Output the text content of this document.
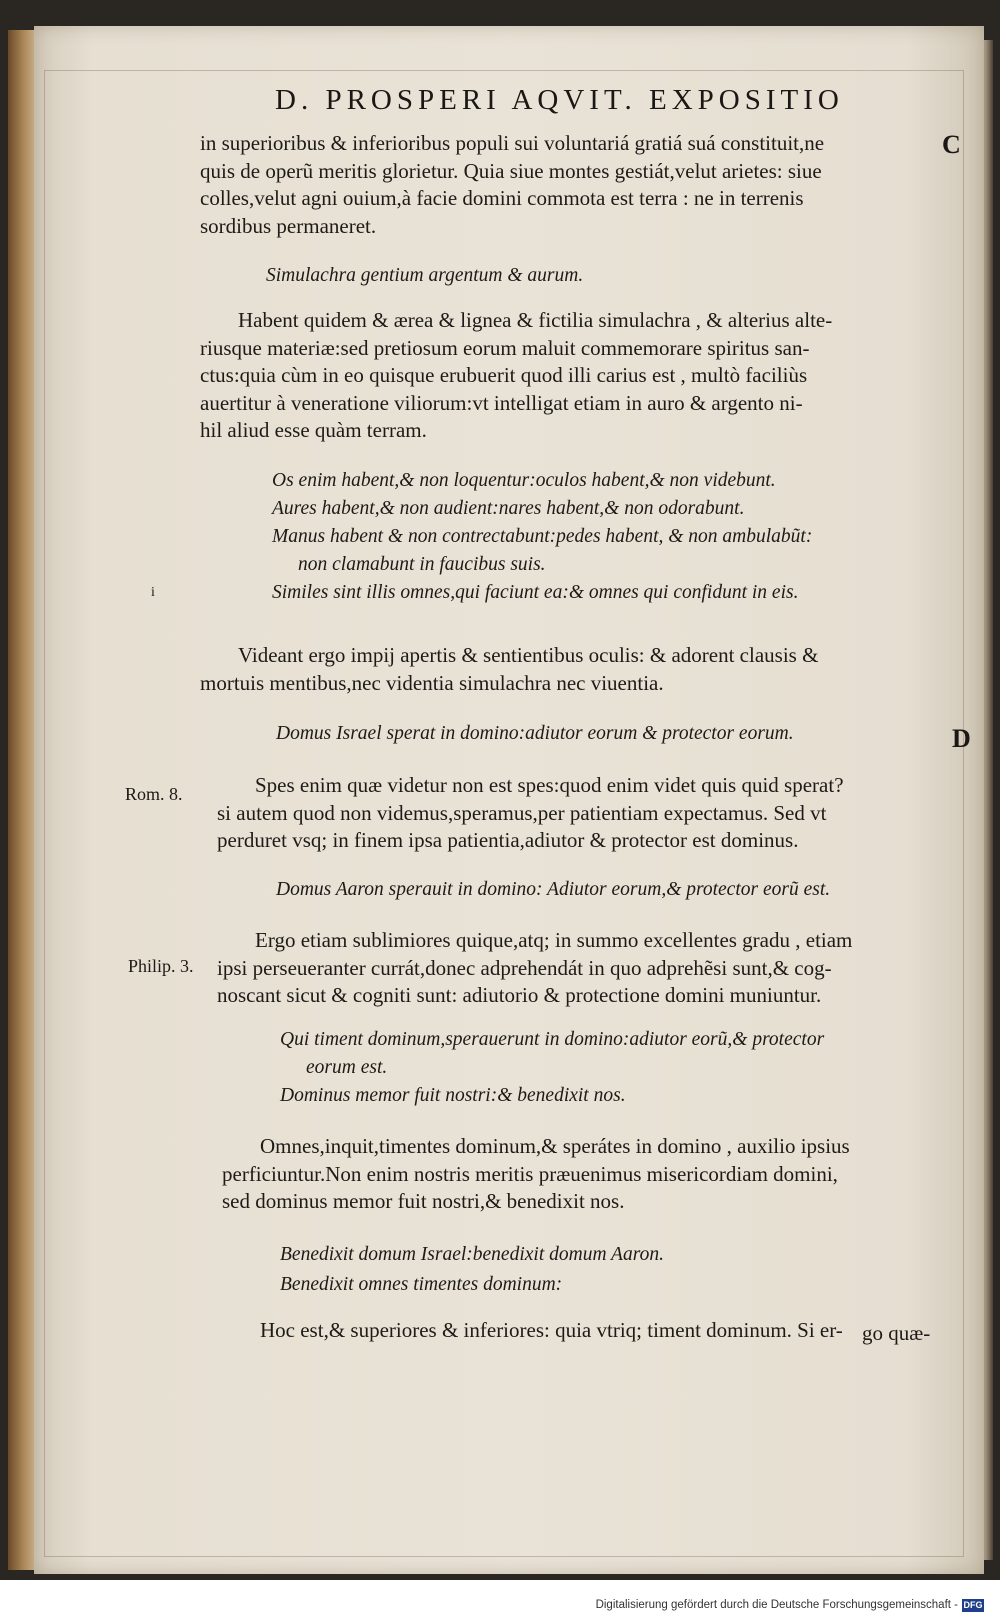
D. PROSPERI AQVIT. EXPOSITIO
in superioribus & inferioribus populi sui voluntariá gratiá suá constituit,ne
quis de operũ meritis glorietur. Quia siue montes gestiát,velut arietes: siue
colles,velut agni ouium,à facie domini commota est terra : ne in terrenis
sordibus permaneret.
Simulachra gentium argentum & aurum.
Habent quidem & ærea & lignea & fictilia simulachra , & alterius alte-
riusque materiæ:sed pretiosum eorum maluit commemorare spiritus san-
ctus:quia cùm in eo quisque erubuerit quod illi carius est , multò faciliùs
auertitur à veneratione viliorum:vt intelligat etiam in auro & argento ni-
hil aliud esse quàm terram.
Os enim habent,& non loquentur:oculos habent,& non videbunt.
Aures habent,& non audient:nares habent,& non odorabunt.
Manus habent & non contrectabunt:pedes habent, & non ambulabũt:
non clamabunt in faucibus suis.
Similes sint illis omnes,qui faciunt ea:& omnes qui confidunt in eis.
Videant ergo impij apertis & sentientibus oculis: & adorent clausis &
mortuis mentibus,nec videntia simulachra nec viuentia.
Domus Israel sperat in domino:adiutor eorum & protector eorum.
Spes enim quæ videtur non est spes:quod enim videt quis quid sperat?
si autem quod non videmus,speramus,per patientiam expectamus. Sed vt
perduret vsq; in finem ipsa patientia,adiutor & protector est dominus.
Domus Aaron sperauit in domino: Adiutor eorum,& protector eorũ est.
Ergo etiam sublimiores quique,atq; in summo excellentes gradu , etiam
ipsi perseueranter currát,donec adprehendát in quo adprehẽsi sunt,& cog-
noscant sicut & cogniti sunt: adiutorio & protectione domini muniuntur.
Qui timent dominum,sperauerunt in domino:adiutor eorũ,& protector
eorum est.
Dominus memor fuit nostri:& benedixit nos.
Omnes,inquit,timentes dominum,& sperátes in domino , auxilio ipsius
perficiuntur.Non enim nostris meritis præuenimus misericordiam domini,
sed dominus memor fuit nostri,& benedixit nos.
Benedixit domum Israel:benedixit domum Aaron.
Benedixit omnes timentes dominum:
Hoc est,& superiores & inferiores: quia vtriq; timent dominum. Si er- go quæ-
C
D
Rom. 8.
Philip. 3.
i
Digitalisierung gefördert durch die Deutsche Forschungsgemeinschaft - DFG
